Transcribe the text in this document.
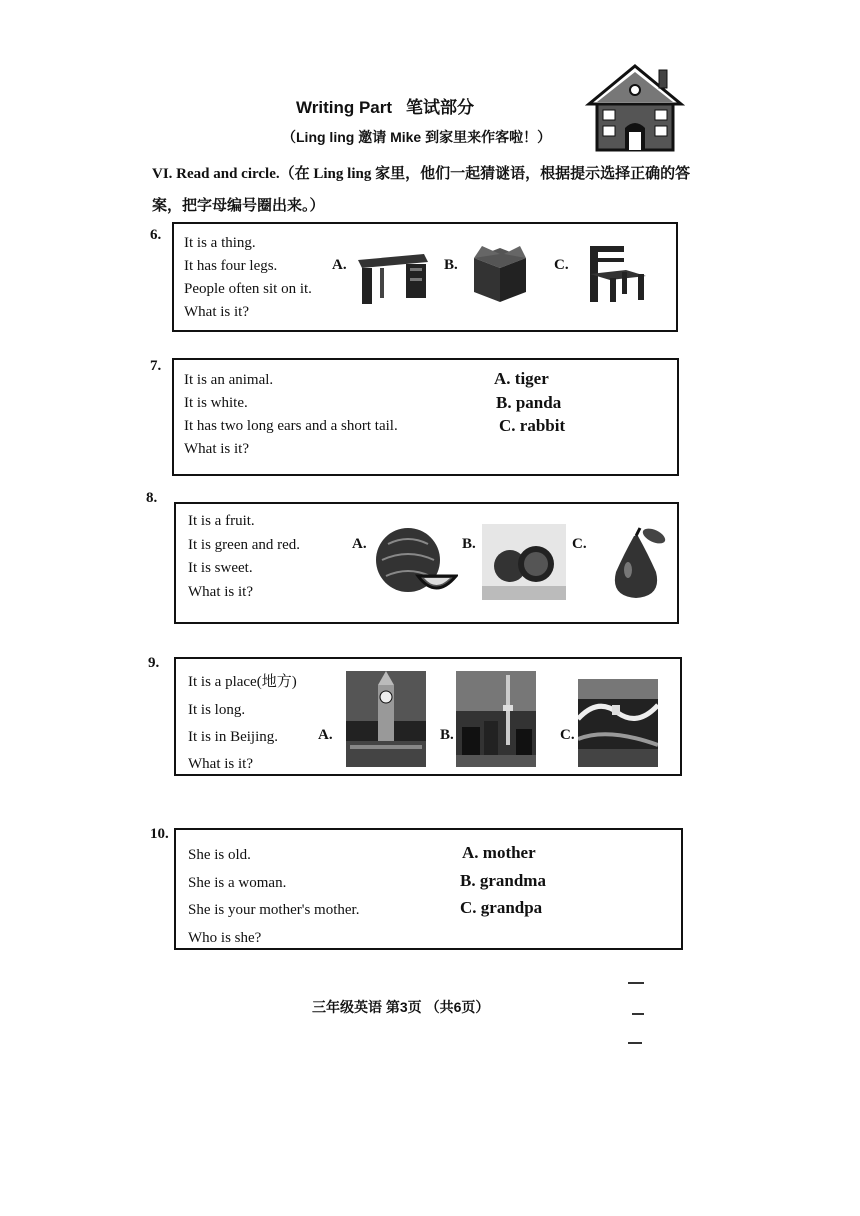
Writing Part 笔试部分
（Ling ling 邀请 Mike 到家里来作客啦！）
VI. Read and circle.（在 Ling ling 家里，他们一起猜谜语，根据提示选择正确的答案，把字母编号圈出来。）
6. It is a thing.
It has four legs.
People often sit on it.
What is it?
A.	B.	C.
7.
It is an animal.
It is white.
It has two long ears and a short tail.
What is it?
A. tiger
B. panda
C. rabbit
8.
It is a fruit.
It is green and red.
It is sweet.
What is it?
A.	B.	C.
9.
It is a place(地方)
It is long.
It is in Beijing.
What is it?
A.	B.	C.
10.
She is old.
She is a woman.
She is your mother's mother.
Who is she?
A. mother
B. grandma
C. grandpa
三年级英语 第3页 （共6页）
